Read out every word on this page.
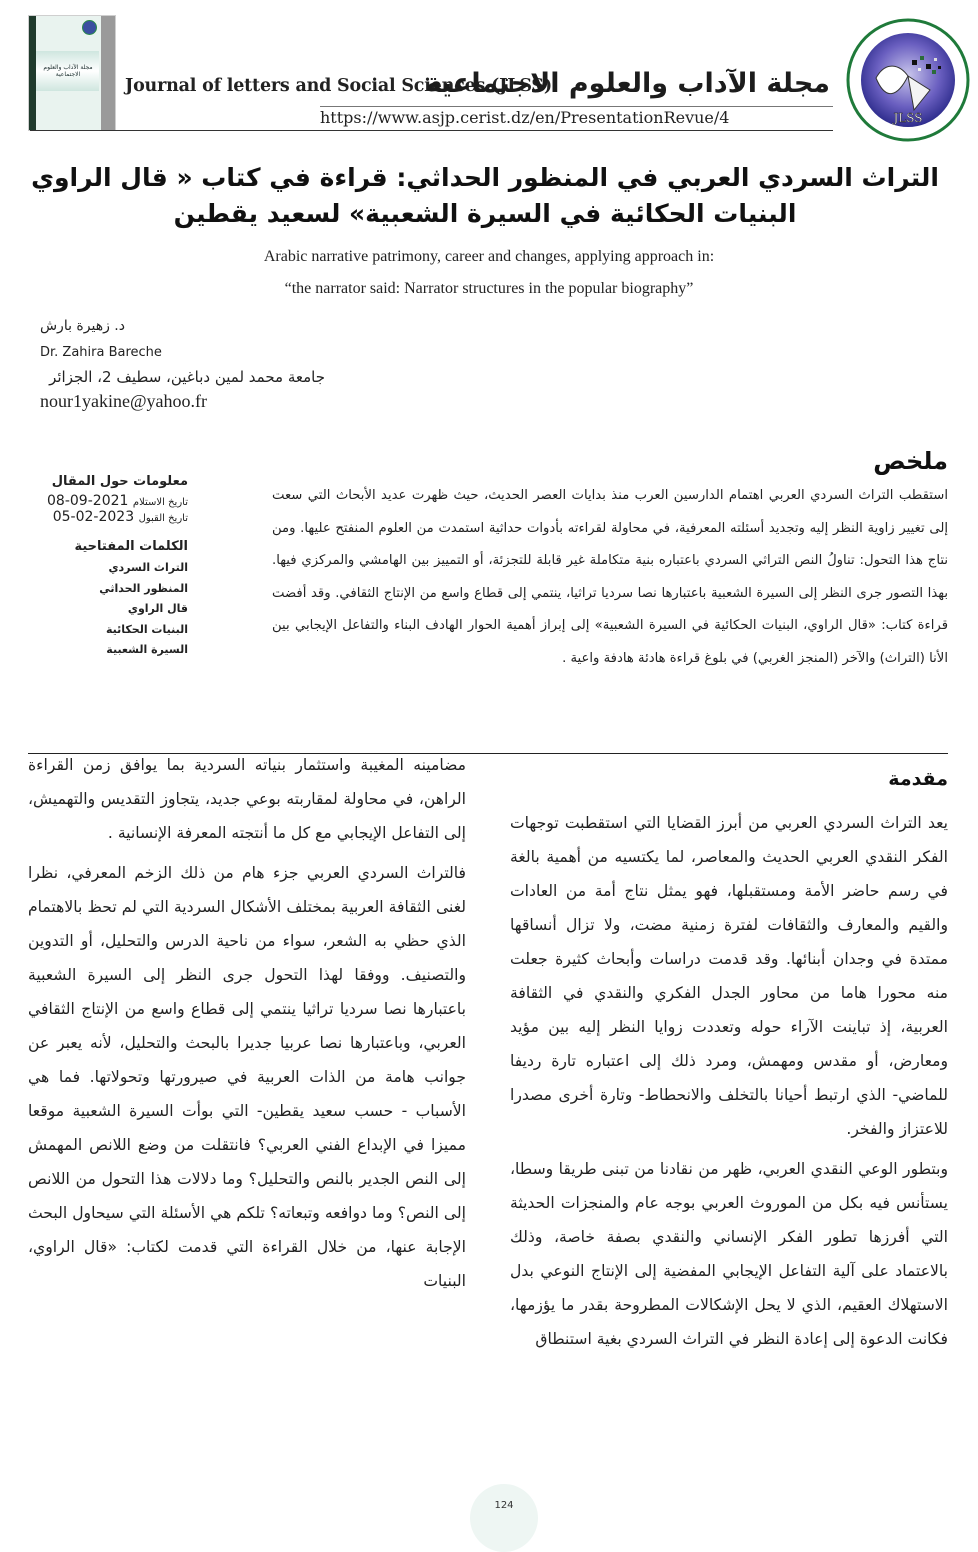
مجلة الآداب والعلوم الاجتماعية
Journal of letters and Social Sciences (JLSS)
مجلة الآداب والعلوم الاجتماعية
https://www.asjp.cerist.dz/en/PresentationRevue/4	JLSS
التراث السردي العربي في المنظور الحداثي: قراءة في كتاب « قال الراوي البنيات الحكائية في السيرة الشعبية» لسعيد يقطين
Arabic narrative patrimony, career and changes, applying approach in:
“the narrator said: Narrator structures in the popular biography”
د. زهيرة بارش
Dr. Zahira Bareche
جامعة محمد لمين دباغين، سطيف 2، الجزائر
nour1yakine@yahoo.fr
معلومات حول المقال
تاريخ الاستلام 2021-09-08
تاريخ القبول 2023-02-05
الكلمات المفتاحية
التراث السردي
المنظور الحداثي
قال الراوي
البنيات الحكائية
السيرة الشعبية
ملخص
استقطب التراث السردي العربي اهتمام الدارسين العرب منذ بدايات العصر الحديث، حيث ظهرت عديد الأبحاث التي سعت إلى تغيير زاوية النظر إليه وتجديد أسئلته المعرفية، في محاولة لقراءته بأدوات حداثية استمدت من العلوم المنفتح عليها. ومن نتاج هذا التحول: تناولُ النص التراثي السردي باعتباره بنية متكاملة غير قابلة للتجزئة، أو التمييز بين الهامشي والمركزي فيها. بهذا التصور جرى النظر إلى السيرة الشعبية باعتبارها نصا سرديا تراثيا، ينتمي إلى قطاع واسع من الإنتاج الثقافي. وقد أفضت قراءة كتاب: «قال الراوي، البنيات الحكائية في السيرة الشعبية» إلى إبراز أهمية الحوار الهادف البناء والتفاعل الإيجابي بين الأنا (التراث) والآخر (المنجز الغربي) في بلوغ قراءة هادئة هادفة واعية .
مقدمة

يعد التراث السردي العربي من أبرز القضايا التي استقطبت توجهات الفكر النقدي العربي الحديث والمعاصر، لما يكتسيه من أهمية بالغة في رسم حاضر الأمة ومستقبلها، فهو يمثل نتاج أمة من العادات والقيم والمعارف والثقافات لفترة زمنية مضت، ولا تزال أنساقها ممتدة في وجدان أبنائها. وقد قدمت دراسات وأبحاث كثيرة جعلت منه محورا هاما من محاور الجدل الفكري والنقدي في الثقافة العربية، إذ تباينت الآراء حوله وتعددت زوايا النظر إليه بين مؤيد ومعارض، أو مقدس ومهمش، ومرد ذلك إلى اعتباره تارة رديفا للماضي- الذي ارتبط أحيانا بالتخلف والانحطاط- وتارة أخرى مصدرا للاعتزاز والفخر.

وبتطور الوعي النقدي العربي، ظهر من نقادنا من تبنى طريقا وسطا، يستأنس فيه بكل من الموروث العربي بوجه عام والمنجزات الحديثة التي أفرزها تطور الفكر الإنساني والنقدي بصفة خاصة، وذلك بالاعتماد على آلية التفاعل الإيجابي المفضية إلى الإنتاج النوعي بدل الاستهلاك العقيم، الذي لا يحل الإشكالات المطروحة بقدر ما يؤزمها، فكانت الدعوة إلى إعادة النظر في التراث السردي بغية استنطاق

مضامينه المغيبة واستثمار بنياته السردية بما يوافق زمن القراءة الراهن، في محاولة لمقاربته بوعي جديد، يتجاوز التقديس والتهميش، إلى التفاعل الإيجابي مع كل ما أنتجته المعرفة الإنسانية .

فالتراث السردي العربي جزء هام من ذلك الزخم المعرفي، نظرا لغنى الثقافة العربية بمختلف الأشكال السردية التي لم تحظ بالاهتمام الذي حظي به الشعر، سواء من ناحية الدرس والتحليل، أو التدوين والتصنيف. ووفقا لهذا التحول جرى النظر إلى السيرة الشعبية باعتبارها نصا سرديا تراثيا ينتمي إلى قطاع واسع من الإنتاج الثقافي العربي، وباعتبارها نصا عربيا جديرا بالبحث والتحليل، لأنه يعبر عن جوانب هامة من الذات العربية في صيرورتها وتحولاتها. فما هي الأسباب - حسب سعيد يقطين- التي بوأت السيرة الشعبية موقعا مميزا في الإبداع الفني العربي؟ فانتقلت من وضع اللانص المهمش إلى النص الجدير بالنص والتحليل؟ وما دلالات هذا التحول من اللانص إلى النص؟ وما دوافعه وتبعاته؟ تلكم هي الأسئلة التي سيحاول البحث الإجابة عنها، من خلال القراءة التي قدمت لكتاب: «قال الراوي، البنيات

124
